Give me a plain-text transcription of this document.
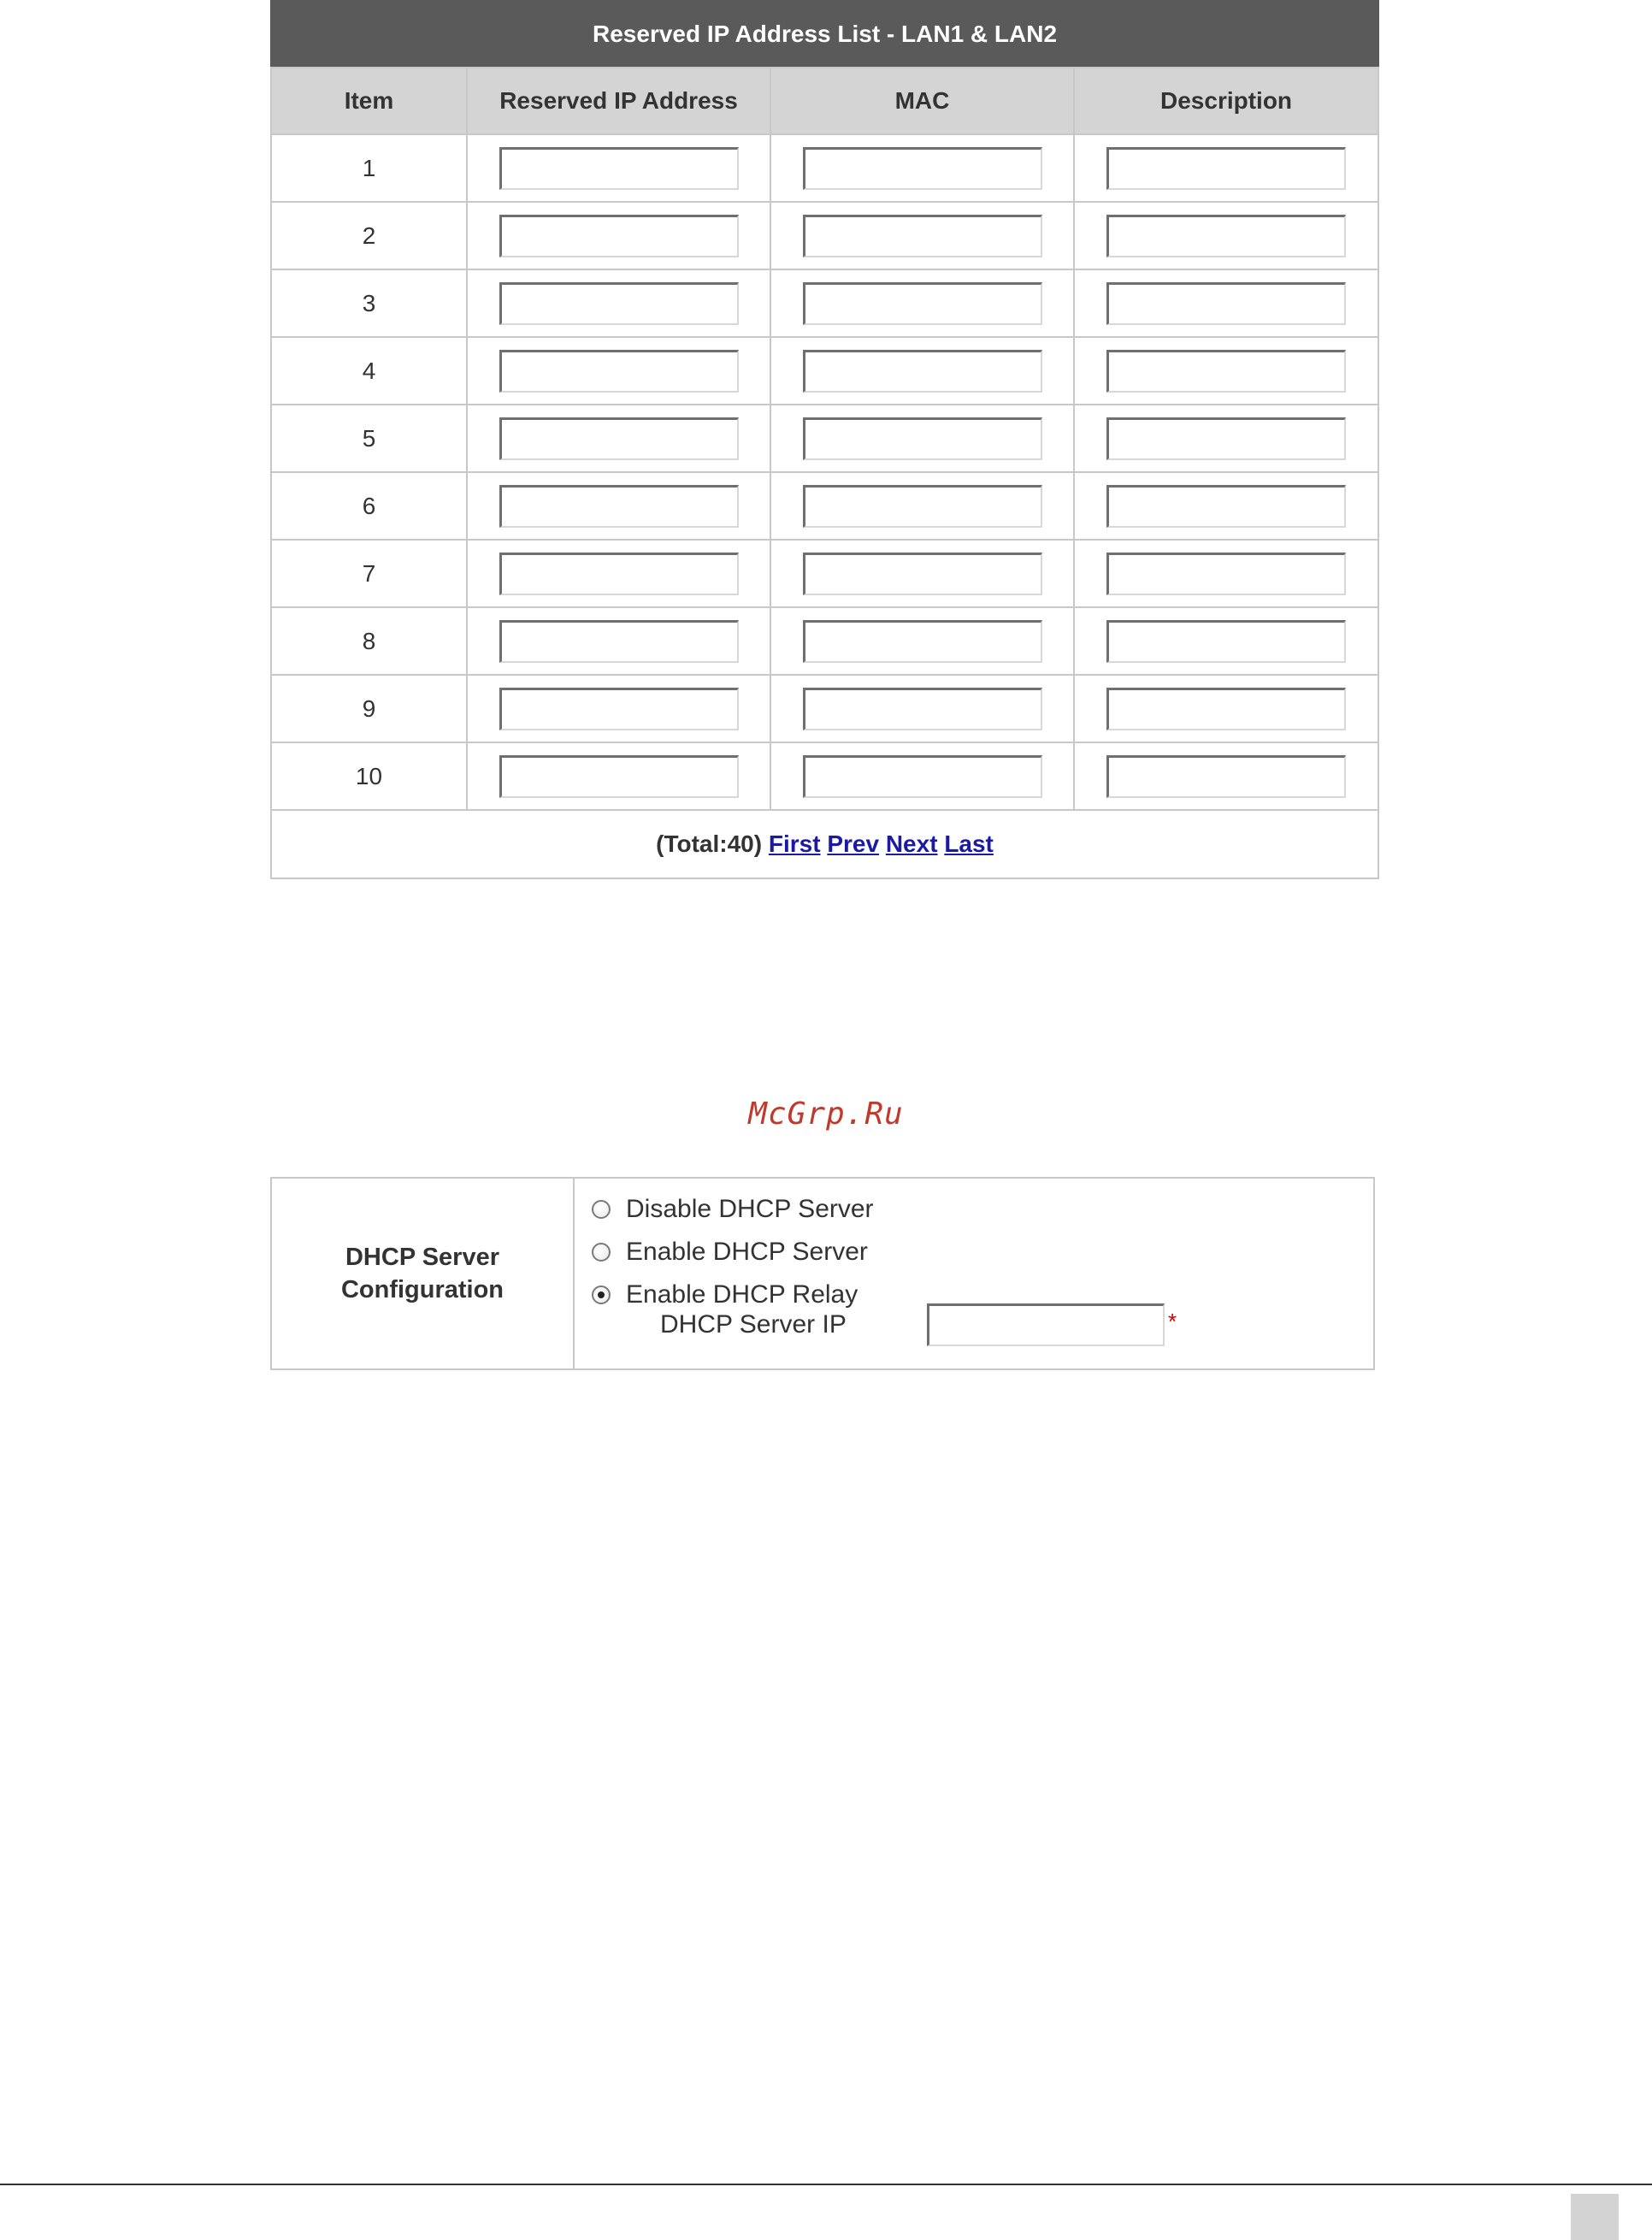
Reserved IP Address List - LAN1 & LAN2			
Item	Reserved IP Address	MAC	Description
1			
2			
3			
4			
5			
6			
7			
8			
9			
10			
(Total:40) First Prev Next Last			
McGrp.Ru
DHCP Server
Configuration
Disable DHCP Server
Enable DHCP Server
Enable DHCP Relay
DHCP Server IP	*
